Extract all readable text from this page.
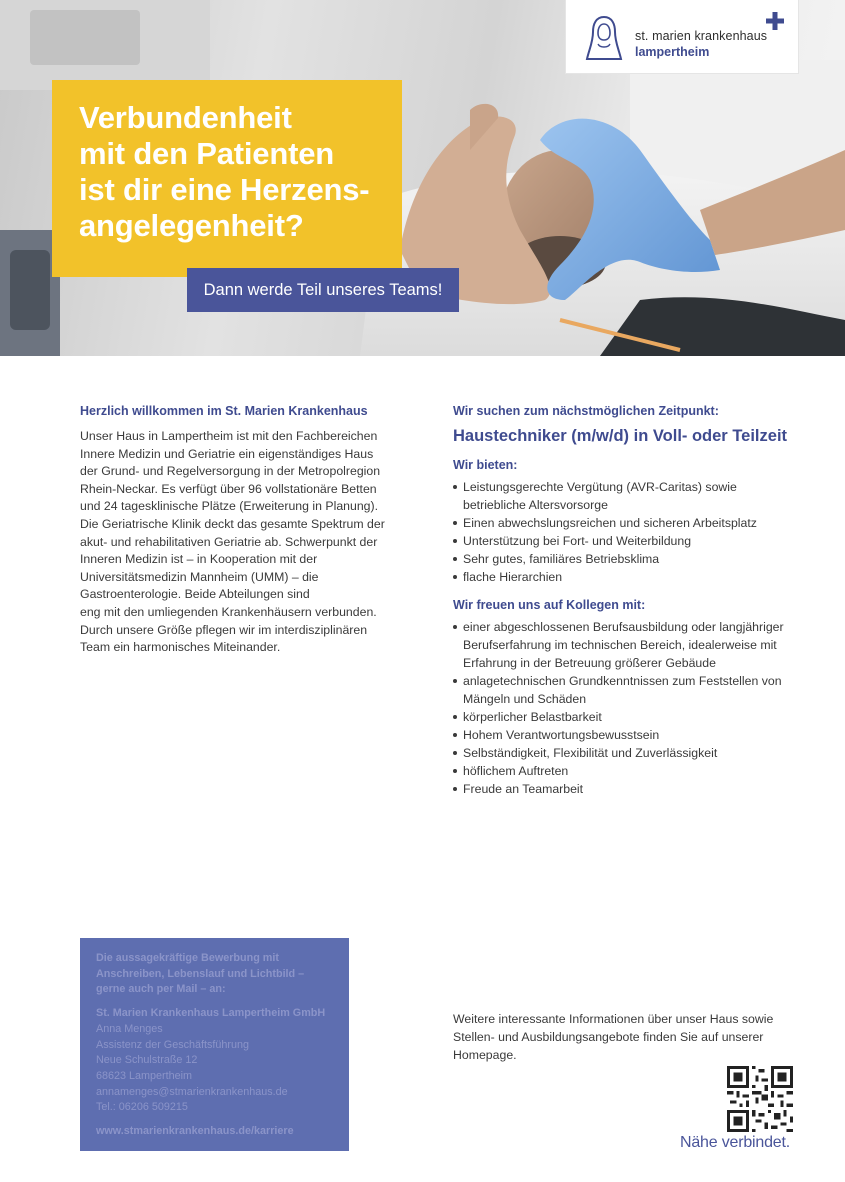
st. marien krankenhaus
lampertheim
Verbundenheit
mit den Patienten
ist dir eine Herzens-
angelegenheit?
Dann werde Teil unseres Teams!
Herzlich willkommen im St. Marien Krankenhaus
Unser Haus in Lampertheim ist mit den Fachbereichen
Innere Medizin und Geriatrie ein eigenständiges Haus
der Grund- und Regelversorgung in der Metropolregion
Rhein-Neckar. Es verfügt über 96 vollstationäre Betten
und 24 tagesklinische Plätze (Erweiterung in Planung).
Die Geriatrische Klinik deckt das gesamte Spektrum der
akut- und rehabilitativen Geriatrie ab. Schwerpunkt der
Inneren Medizin ist – in Kooperation mit der
Universitätsmedizin Mannheim (UMM) – die
Gastroenterologie. Beide Abteilungen sind
eng mit den umliegenden Krankenhäusern verbunden.
Durch unsere Größe pflegen wir im interdisziplinären
Team ein harmonisches Miteinander.
Wir suchen zum nächstmöglichen Zeitpunkt:
Haustechniker (m/w/d) in Voll- oder Teilzeit
Wir bieten:
Leistungsgerechte Vergütung (AVR-Caritas) sowie
betriebliche Altersvorsorge
Einen abwechslungsreichen und sicheren Arbeitsplatz
Unterstützung bei Fort- und Weiterbildung
Sehr gutes, familiäres Betriebsklima
flache Hierarchien
Wir freuen uns auf Kollegen mit:
einer abgeschlossenen Berufsausbildung oder langjähriger
Berufserfahrung im technischen Bereich, idealerweise mit
Erfahrung in der Betreuung größerer Gebäude
anlagetechnischen Grundkenntnissen zum Feststellen von
Mängeln und Schäden
körperlicher Belastbarkeit
Hohem Verantwortungsbewusstsein
Selbständigkeit, Flexibilität und Zuverlässigkeit
höflichem Auftreten
Freude an Teamarbeit
Die aussagekräftige Bewerbung mit
Anschreiben, Lebenslauf und Lichtbild –
gerne auch per Mail – an:
St. Marien Krankenhaus Lampertheim GmbH
Anna Menges
Assistenz der Geschäftsführung
Neue Schulstraße 12
68623 Lampertheim
annamenges@stmarienkrankenhaus.de
Tel.: 06206 509215
www.stmarienkrankenhaus.de/karriere
Weitere interessante Informationen über unser Haus sowie
Stellen- und Ausbildungsangebote finden Sie auf unserer
Homepage.
Nähe verbindet.
